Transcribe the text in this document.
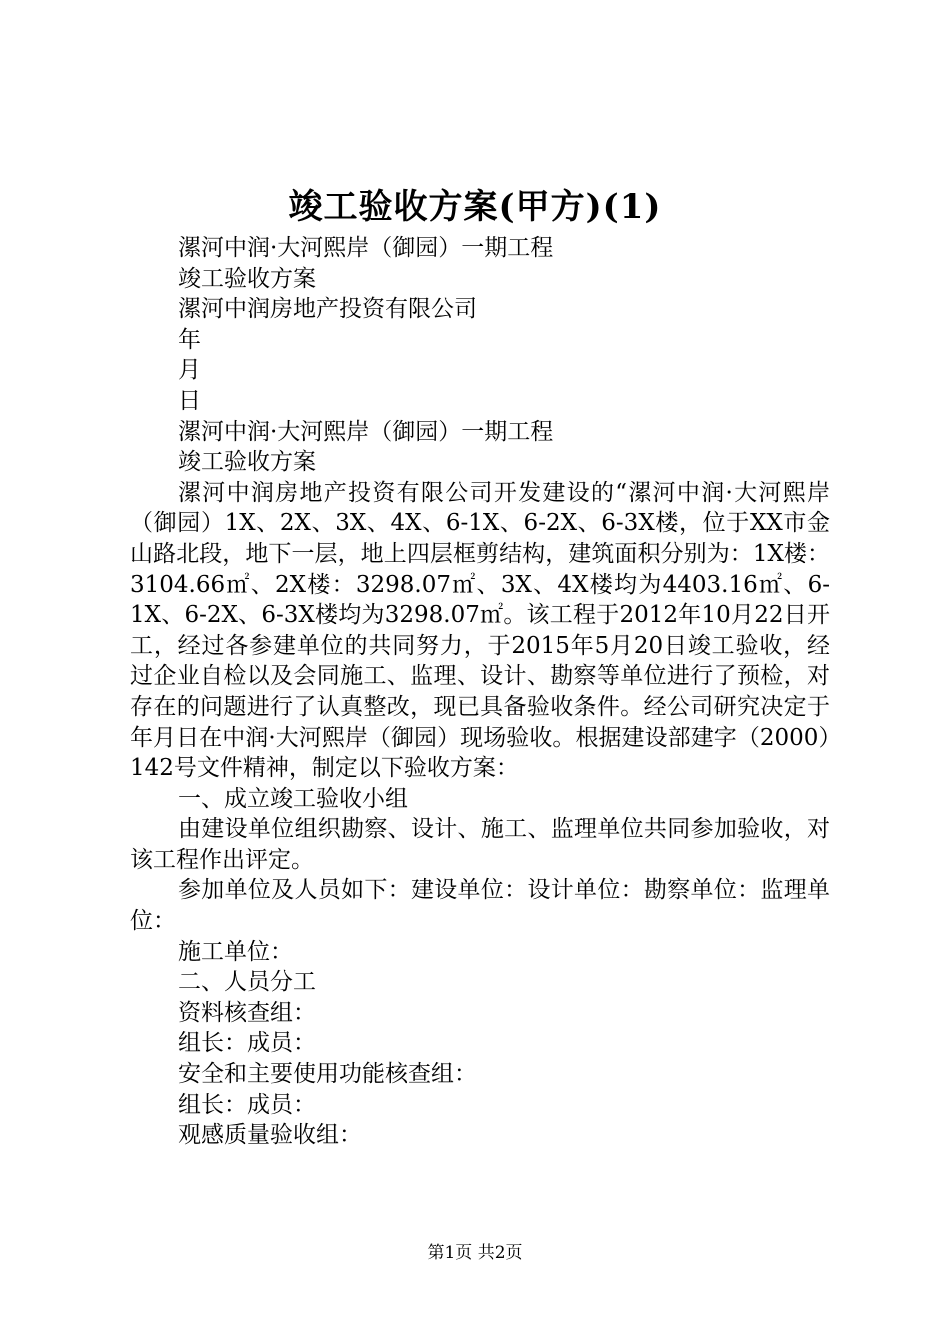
竣工验收方案(甲方)(1)
漯河中润·大河熙岸（御园）一期工程
竣工验收方案
漯河中润房地产投资有限公司
年
月
日
漯河中润·大河熙岸（御园）一期工程
竣工验收方案

漯河中润房地产投资有限公司开发建设的“漯河中润·大河熙岸（御园）1X、2X、3X、4X、6-1X、6-2X、6-3X楼，位于XX市金山路北段，地下一层，地上四层框剪结构，建筑面积分别为：1X楼：3104.66㎡、2X楼：3298.07㎡、3X、4X楼均为4403.16㎡、6-1X、6-2X、6-3X楼均为3298.07㎡。该工程于2012年10月22日开工，经过各参建单位的共同努力，于2015年5月20日竣工验收，经过企业自检以及会同施工、监理、设计、勘察等单位进行了预检，对存在的问题进行了认真整改，现已具备验收条件。经公司研究决定于年月日在中润·大河熙岸（御园）现场验收。根据建设部建字（2000）142号文件精神，制定以下验收方案：

一、成立竣工验收小组

由建设单位组织勘察、设计、施工、监理单位共同参加验收，对该工程作出评定。

参加单位及人员如下：建设单位：设计单位：勘察单位：监理单位：

施工单位：
二、人员分工
资料核查组：
组长：成员：
安全和主要使用功能核查组：
组长：成员：
观感质量验收组：
第1页 共2页
